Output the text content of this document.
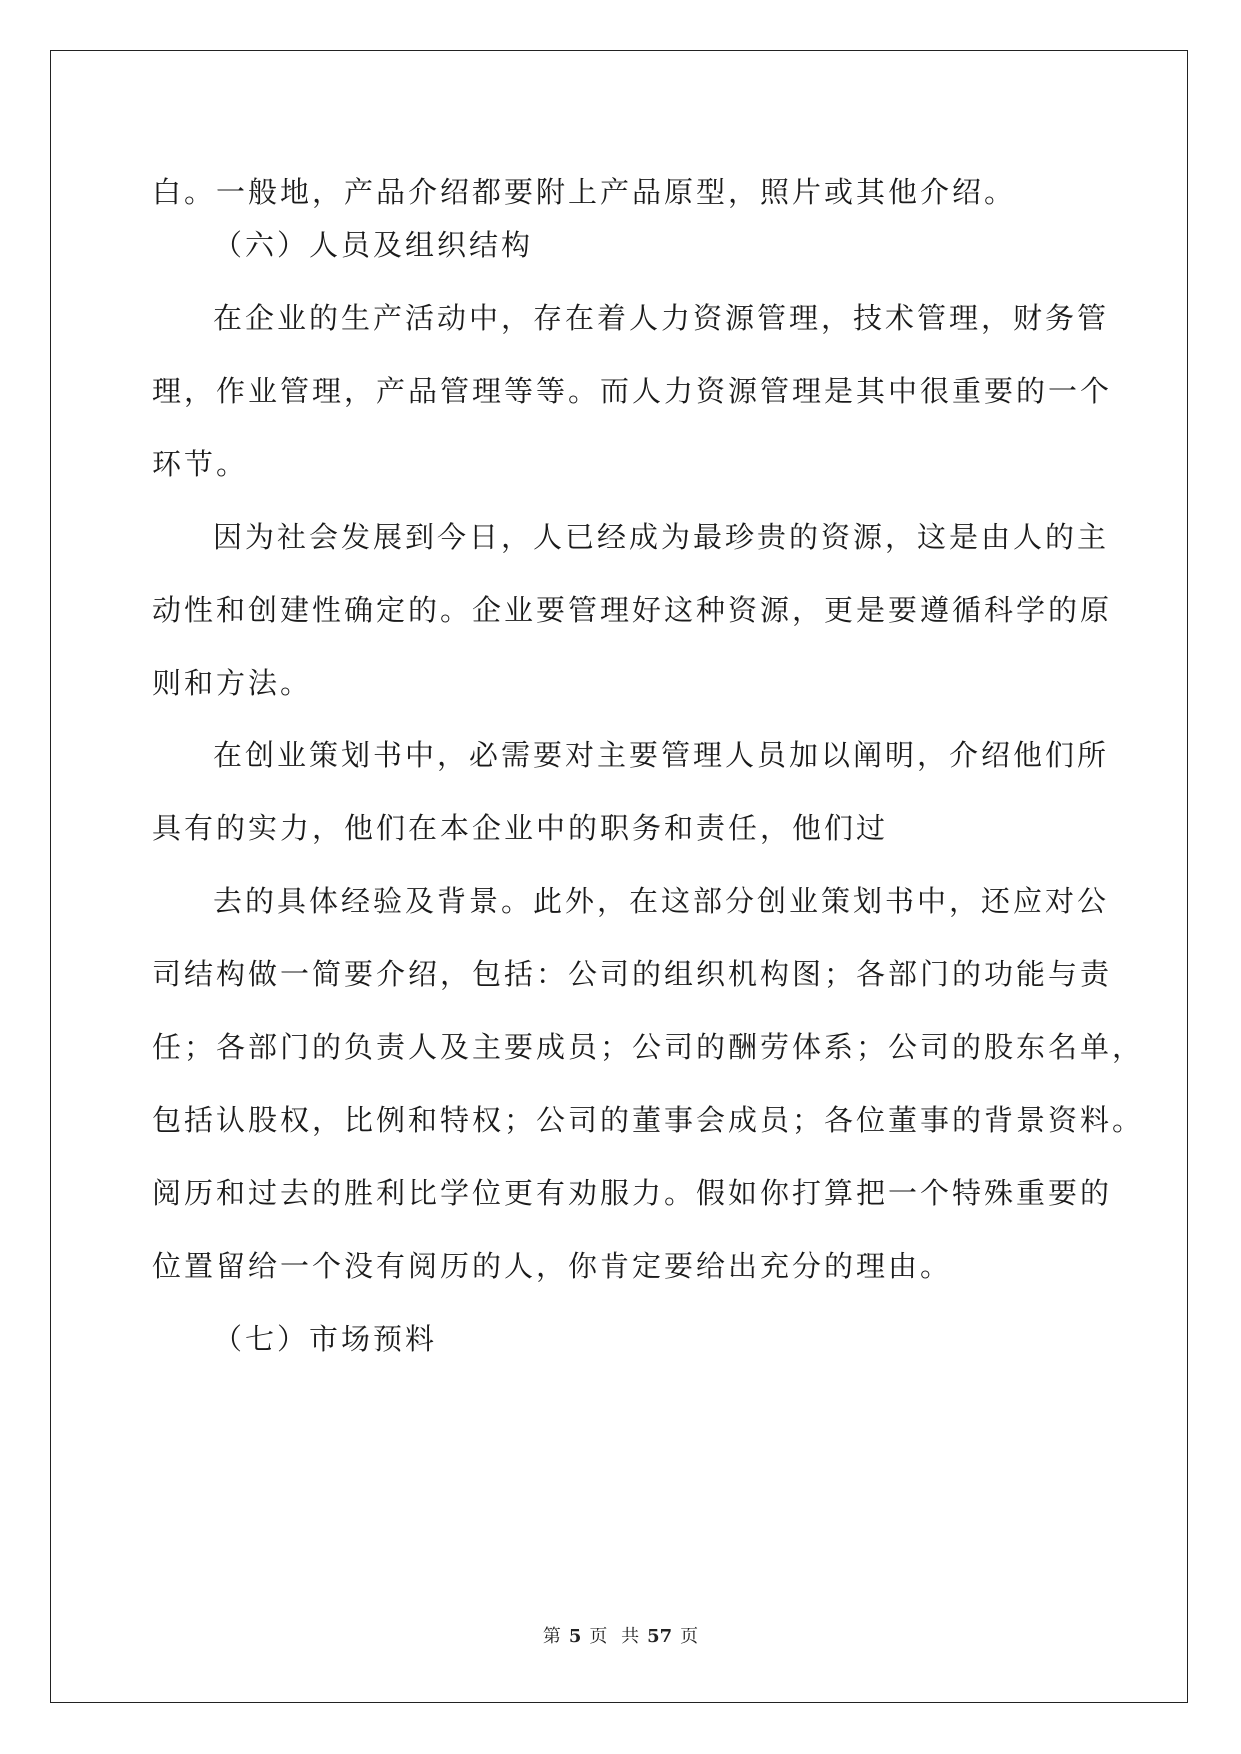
白。一般地，产品介绍都要附上产品原型，照片或其他介绍。
（六）人员及组织结构
在企业的生产活动中，存在着人力资源管理，技术管理，财务管
理，作业管理，产品管理等等。而人力资源管理是其中很重要的一个
环节。
因为社会发展到今日，人已经成为最珍贵的资源，这是由人的主
动性和创建性确定的。企业要管理好这种资源，更是要遵循科学的原
则和方法。
在创业策划书中，必需要对主要管理人员加以阐明，介绍他们所
具有的实力，他们在本企业中的职务和责任，他们过
去的具体经验及背景。此外，在这部分创业策划书中，还应对公
司结构做一简要介绍，包括：公司的组织机构图；各部门的功能与责
任；各部门的负责人及主要成员；公司的酬劳体系；公司的股东名单，
包括认股权，比例和特权；公司的董事会成员；各位董事的背景资料。
阅历和过去的胜利比学位更有劝服力。假如你打算把一个特殊重要的
位置留给一个没有阅历的人，你肯定要给出充分的理由。
（七）市场预料
第 5 页 共 57 页
